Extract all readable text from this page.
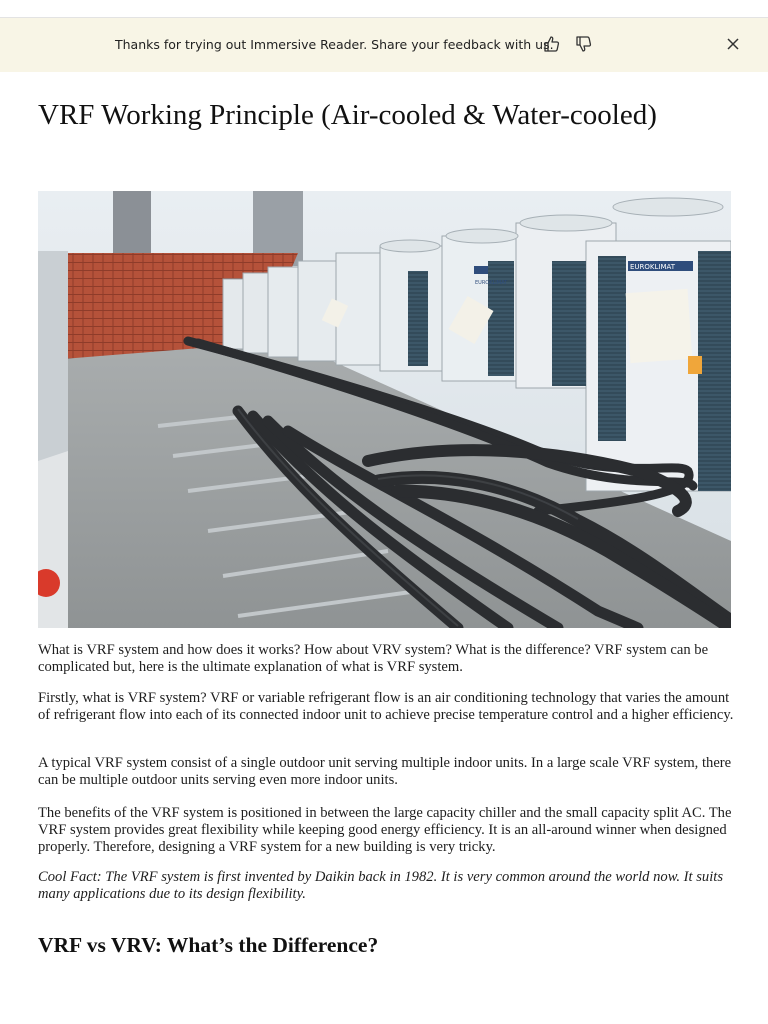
Thanks for trying out Immersive Reader. Share your feedback with us.
VRF Working Principle (Air-cooled & Water-cooled)
EUROKLIMAT
EUROKLIMAT

What is VRF system and how does it works? How about VRV system? What is the difference? VRF system can be complicated but, here is the ultimate explanation of what is VRF system.

Firstly, what is VRF system? VRF or variable refrigerant flow is an air conditioning technology that varies the amount of refrigerant flow into each of its connected indoor unit to achieve precise temperature control and a higher efficiency.

A typical VRF system consist of a single outdoor unit serving multiple indoor units. In a large scale VRF system, there can be multiple outdoor units serving even more indoor units.

The benefits of the VRF system is positioned in between the large capacity chiller and the small capacity split AC. The VRF system provides great flexibility while keeping good energy efficiency. It is an all-around winner when designed properly. Therefore, designing a VRF system for a new building is very tricky.

Cool Fact: The VRF system is first invented by Daikin back in 1982. It is very common around the world now. It suits many applications due to its design flexibility.

VRF vs VRV: What’s the Difference?
